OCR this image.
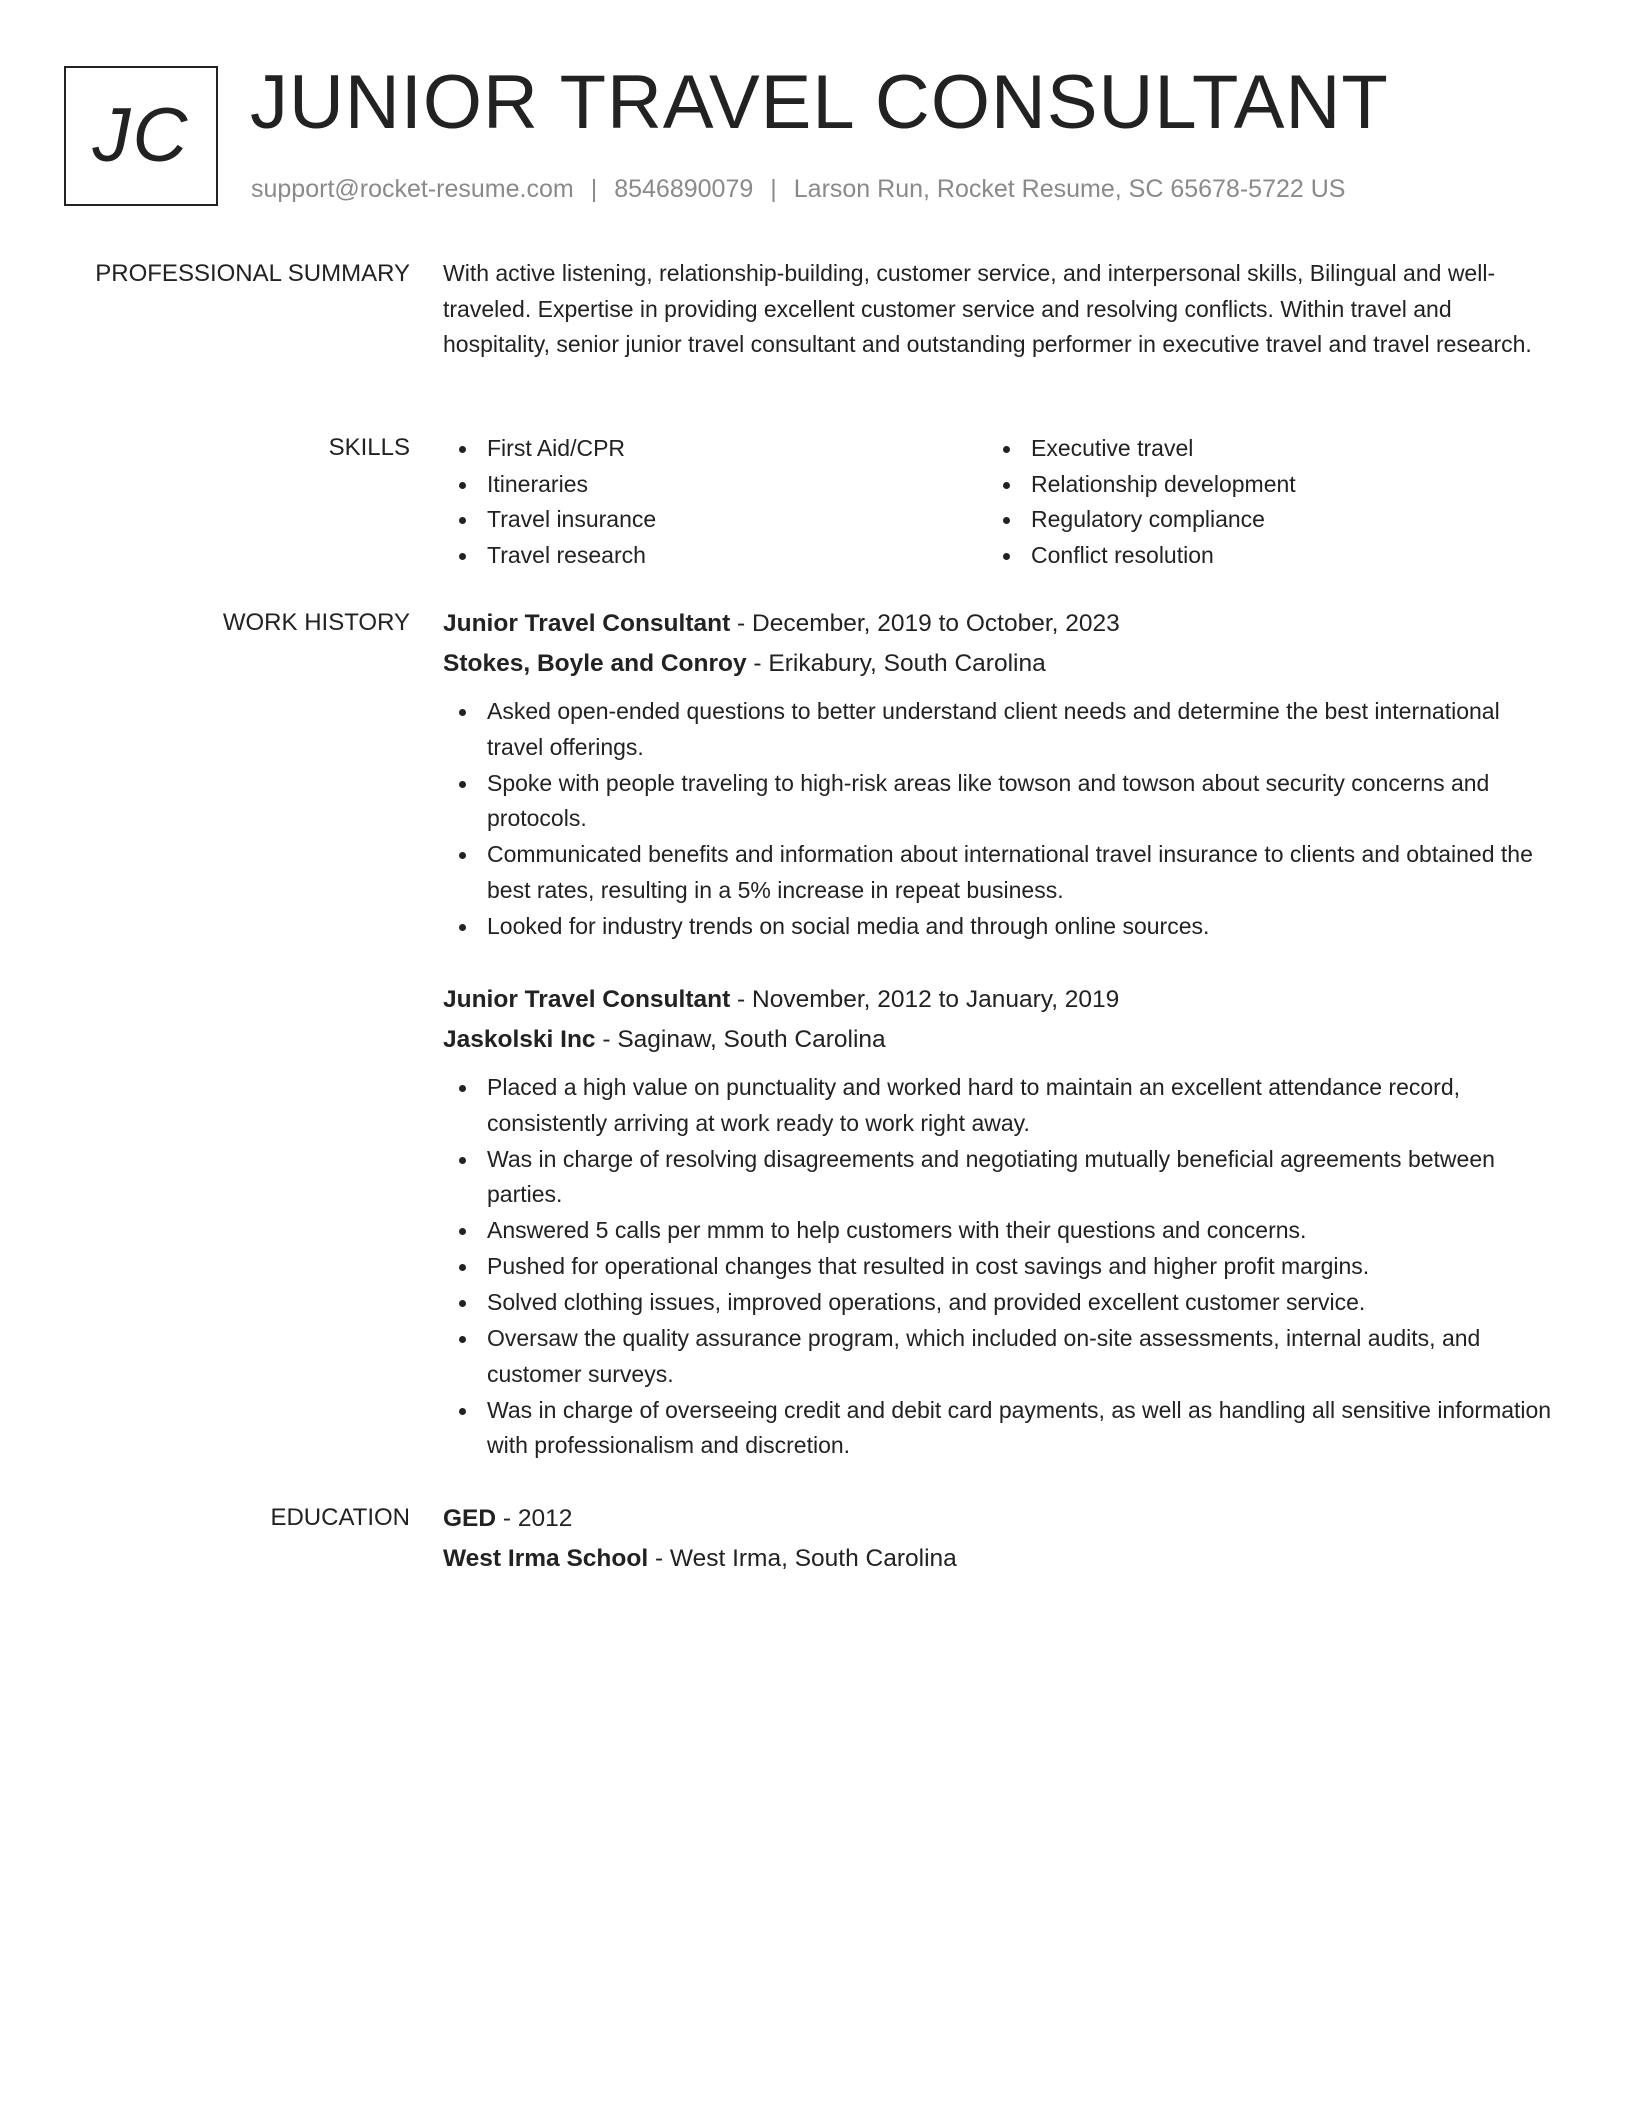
JC JUNIOR TRAVEL CONSULTANT
support@rocket-resume.com | 8546890079 | Larson Run, Rocket Resume, SC 65678-5722 US
PROFESSIONAL SUMMARY With active listening, relationship-building, customer service, and interpersonal skills, Bilingual and well-traveled. Expertise in providing excellent customer service and resolving conflicts. Within travel and hospitality, senior junior travel consultant and outstanding performer in executive travel and travel research.

SKILLS	First Aid/CPR
Itineraries
Travel insurance
Travel research
Executive travel
Relationship development
Regulatory compliance
Conflict resolution
WORK HISTORY Junior Travel Consultant - December, 2019 to October, 2023
Stokes, Boyle and Conroy - Erikabury, South Carolina
Asked open-ended questions to better understand client needs and determine the best international travel offerings.
Spoke with people traveling to high-risk areas like towson and towson about security concerns and protocols.
Communicated benefits and information about international travel insurance to clients and obtained the best rates, resulting in a 5% increase in repeat business.
Looked for industry trends on social media and through online sources.
Junior Travel Consultant - November, 2012 to January, 2019
Jaskolski Inc - Saginaw, South Carolina
Placed a high value on punctuality and worked hard to maintain an excellent attendance record, consistently arriving at work ready to work right away.
Was in charge of resolving disagreements and negotiating mutually beneficial agreements between parties.
Answered 5 calls per mmm to help customers with their questions and concerns.
Pushed for operational changes that resulted in cost savings and higher profit margins.
Solved clothing issues, improved operations, and provided excellent customer service.
Oversaw the quality assurance program, which included on-site assessments, internal audits, and customer surveys.
Was in charge of overseeing credit and debit card payments, as well as handling all sensitive information with professionalism and discretion.
EDUCATION GED - 2012
West Irma School - West Irma, South Carolina
